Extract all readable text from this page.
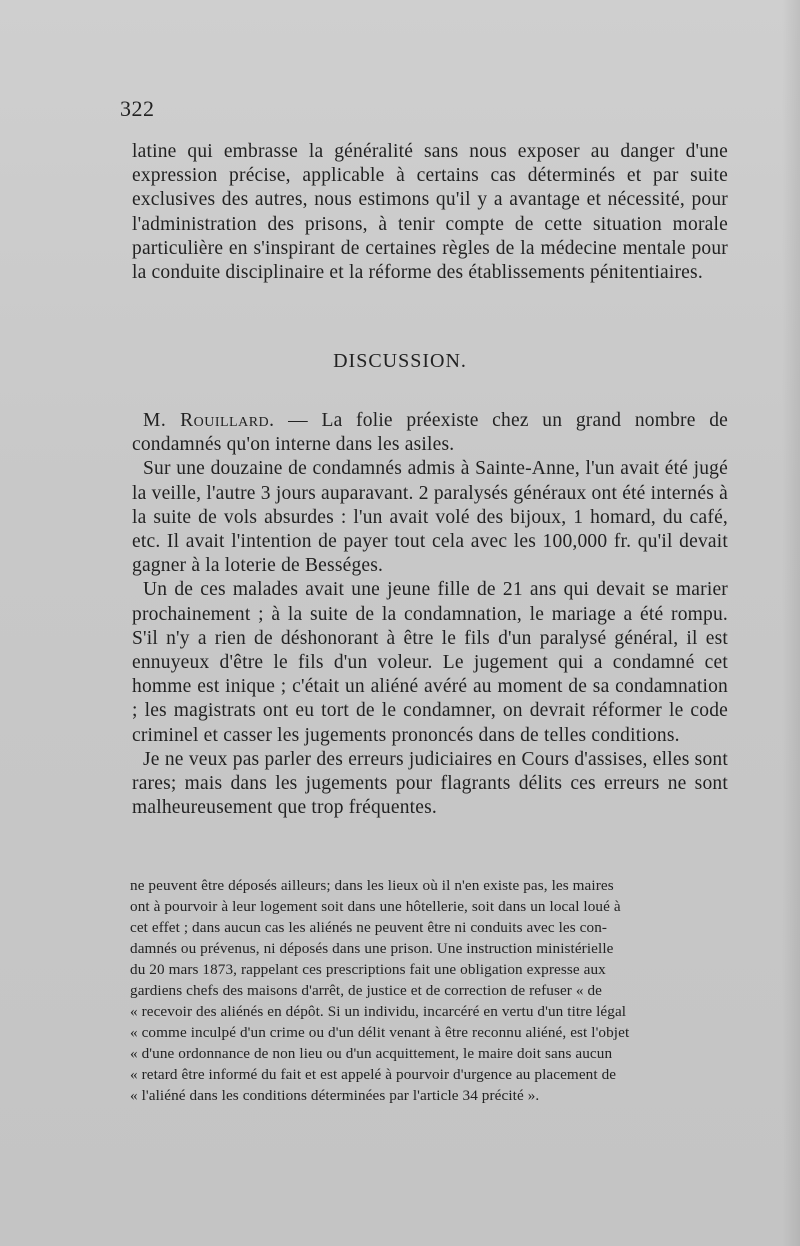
322
latine qui embrasse la généralité sans nous exposer au danger d'une expression précise, applicable à certains cas déterminés et par suite exclusives des autres, nous estimons qu'il y a avantage et nécessité, pour l'administration des prisons, à tenir compte de cette situation morale particulière en s'inspirant de certaines règles de la médecine mentale pour la conduite disciplinaire et la réforme des établissements pénitentiaires.
DISCUSSION.

M. Rouillard. — La folie préexiste chez un grand nombre de condamnés qu'on interne dans les asiles.

Sur une douzaine de condamnés admis à Sainte-Anne, l'un avait été jugé la veille, l'autre 3 jours auparavant. 2 paralysés généraux ont été internés à la suite de vols absurdes : l'un avait volé des bijoux, 1 homard, du café, etc. Il avait l'intention de payer tout cela avec les 100,000 fr. qu'il devait gagner à la loterie de Bességes.

Un de ces malades avait une jeune fille de 21 ans qui devait se marier prochainement ; à la suite de la condamnation, le mariage a été rompu. S'il n'y a rien de déshonorant à être le fils d'un paralysé général, il est ennuyeux d'être le fils d'un voleur. Le jugement qui a condamné cet homme est inique ; c'était un aliéné avéré au moment de sa condamnation ; les magistrats ont eu tort de le condamner, on devrait réformer le code criminel et casser les jugements prononcés dans de telles conditions.

Je ne veux pas parler des erreurs judiciaires en Cours d'assises, elles sont rares; mais dans les jugements pour flagrants délits ces erreurs ne sont malheureusement que trop fréquentes.

ne peuvent être déposés ailleurs; dans les lieux où il n'en existe pas, les maires
ont à pourvoir à leur logement soit dans une hôtellerie, soit dans un local loué à
cet effet ; dans aucun cas les aliénés ne peuvent être ni conduits avec les con-
damnés ou prévenus, ni déposés dans une prison. Une instruction ministérielle
du 20 mars 1873, rappelant ces prescriptions fait une obligation expresse aux
gardiens chefs des maisons d'arrêt, de justice et de correction de refuser « de
« recevoir des aliénés en dépôt. Si un individu, incarcéré en vertu d'un titre légal
« comme inculpé d'un crime ou d'un délit venant à être reconnu aliéné, est l'objet
« d'une ordonnance de non lieu ou d'un acquittement, le maire doit sans aucun
« retard être informé du fait et est appelé à pourvoir d'urgence au placement de
« l'aliéné dans les conditions déterminées par l'article 34 précité ».
